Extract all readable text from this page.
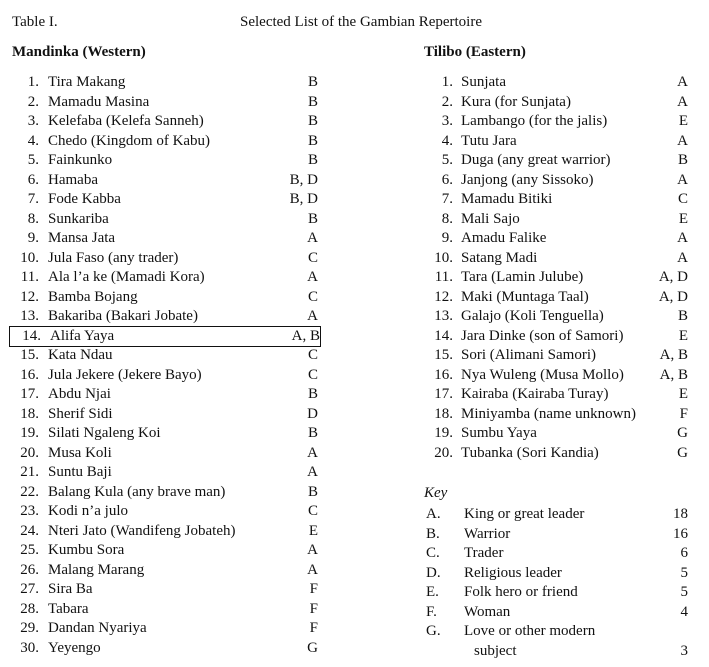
Table I.	Selected List of the Gambian Repertoire
Mandinka (Western)	Tilibo (Eastern)
1. Tira Makang	B
2. Mamadu Masina	B
3. Kelefaba (Kelefa Sanneh)	B
4. Chedo (Kingdom of Kabu)	B
5. Fainkunko	B
6. Hamaba	B, D
7. Fode Kabba	B, D
8. Sunkariba	B
9. Mansa Jata	A
10. Jula Faso (any trader)	C
11. Ala l’a ke (Mamadi Kora)	A
12. Bamba Bojang	C
13. Bakariba (Bakari Jobate)	A
14. Alifa Yaya	A, B
15. Kata Ndau	C
16. Jula Jekere (Jekere Bayo)	C
17. Abdu Njai	B
18. Sherif Sidi	D
19. Silati Ngaleng Koi	B
20. Musa Koli	A
21. Suntu Baji	A
22. Balang Kula (any brave man)	B
23. Kodi n’a julo	C
24. Nteri Jato (Wandifeng Jobateh)	E
25. Kumbu Sora	A
26. Malang Marang	A
27. Sira Ba	F
28. Tabara	F
29. Dandan Nyariya	F
30. Yeyengo	G
1. Sunjata	A
2. Kura (for Sunjata)	A
3. Lambango (for the jalis)	E
4. Tutu Jara	A
5. Duga (any great warrior)	B
6. Janjong (any Sissoko)	A
7. Mamadu Bitiki	C
8. Mali Sajo	E
9. Amadu Falike	A
10. Satang Madi	A
11. Tara (Lamin Julube)	A, D
12. Maki (Muntaga Taal)	A, D
13. Galajo (Koli Tenguella)	B
14. Jara Dinke (son of Samori)	E
15. Sori (Alimani Samori)	A, B
16. Nya Wuleng (Musa Mollo) A, B
17. Kairaba (Kairaba Turay)	E
18. Miniyamba (name unknown)	F
19. Sumbu Yaya	G
20. Tubanka (Sori Kandia)	G
Key
A. King or great leader	18
B. Warrior	16
C. Trader	6
D. Religious leader	5
E. Folk hero or friend	5
F. Woman	4
G. Love or other modern
subject	3
